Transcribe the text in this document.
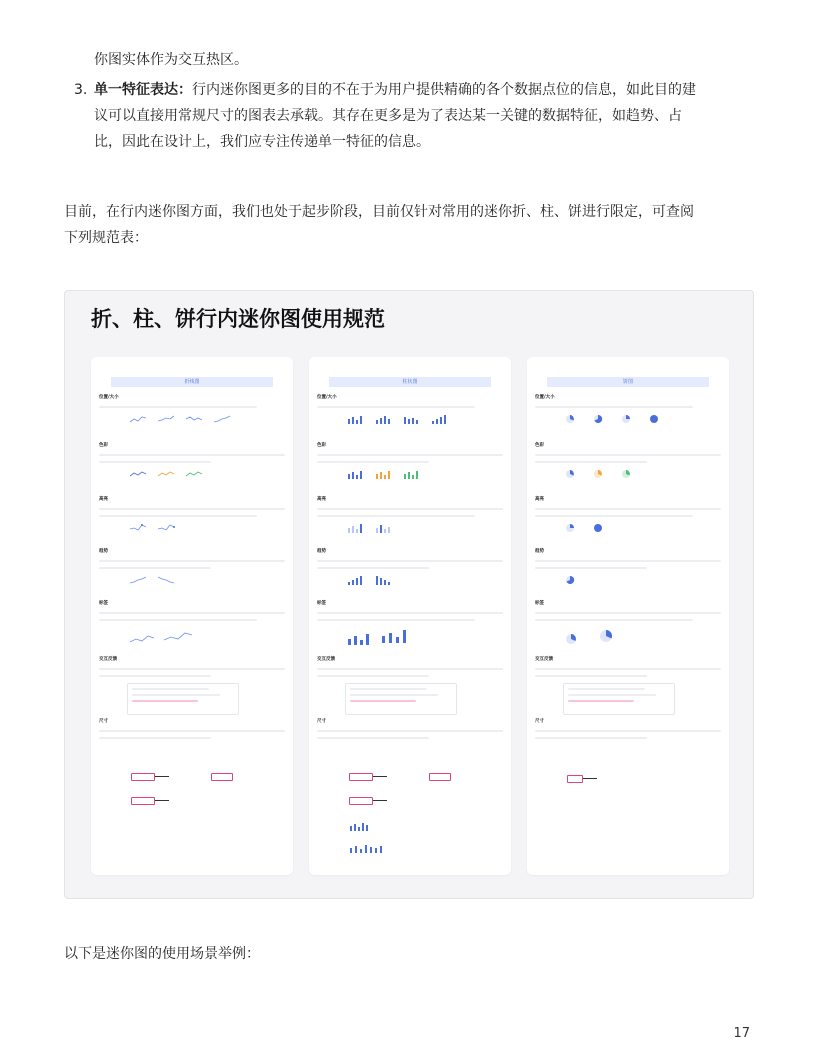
你图实体作为交互热区。
3. 单一特征表达：行内迷你图更多的目的不在于为用户提供精确的各个数据点位的信息，如此目的建
议可以直接用常规尺寸的图表去承载。其存在更多是为了表达某一关键的数据特征，如趋势、占
比，因此在设计上，我们应专注传递单一特征的信息。
目前，在行内迷你图方面，我们也处于起步阶段，目前仅针对常用的迷你折、柱、饼进行限定，可查阅
下列规范表：
折、柱、饼行内迷你图使用规范
折线图
位置/大小
色彩
高亮
趋势
标签
交互反馈
尺寸
柱状图
位置/大小
色彩
高亮
趋势
标签
交互反馈
尺寸
饼图
位置/大小
色彩
高亮
趋势
标签
交互反馈
尺寸
以下是迷你图的使用场景举例：
17
